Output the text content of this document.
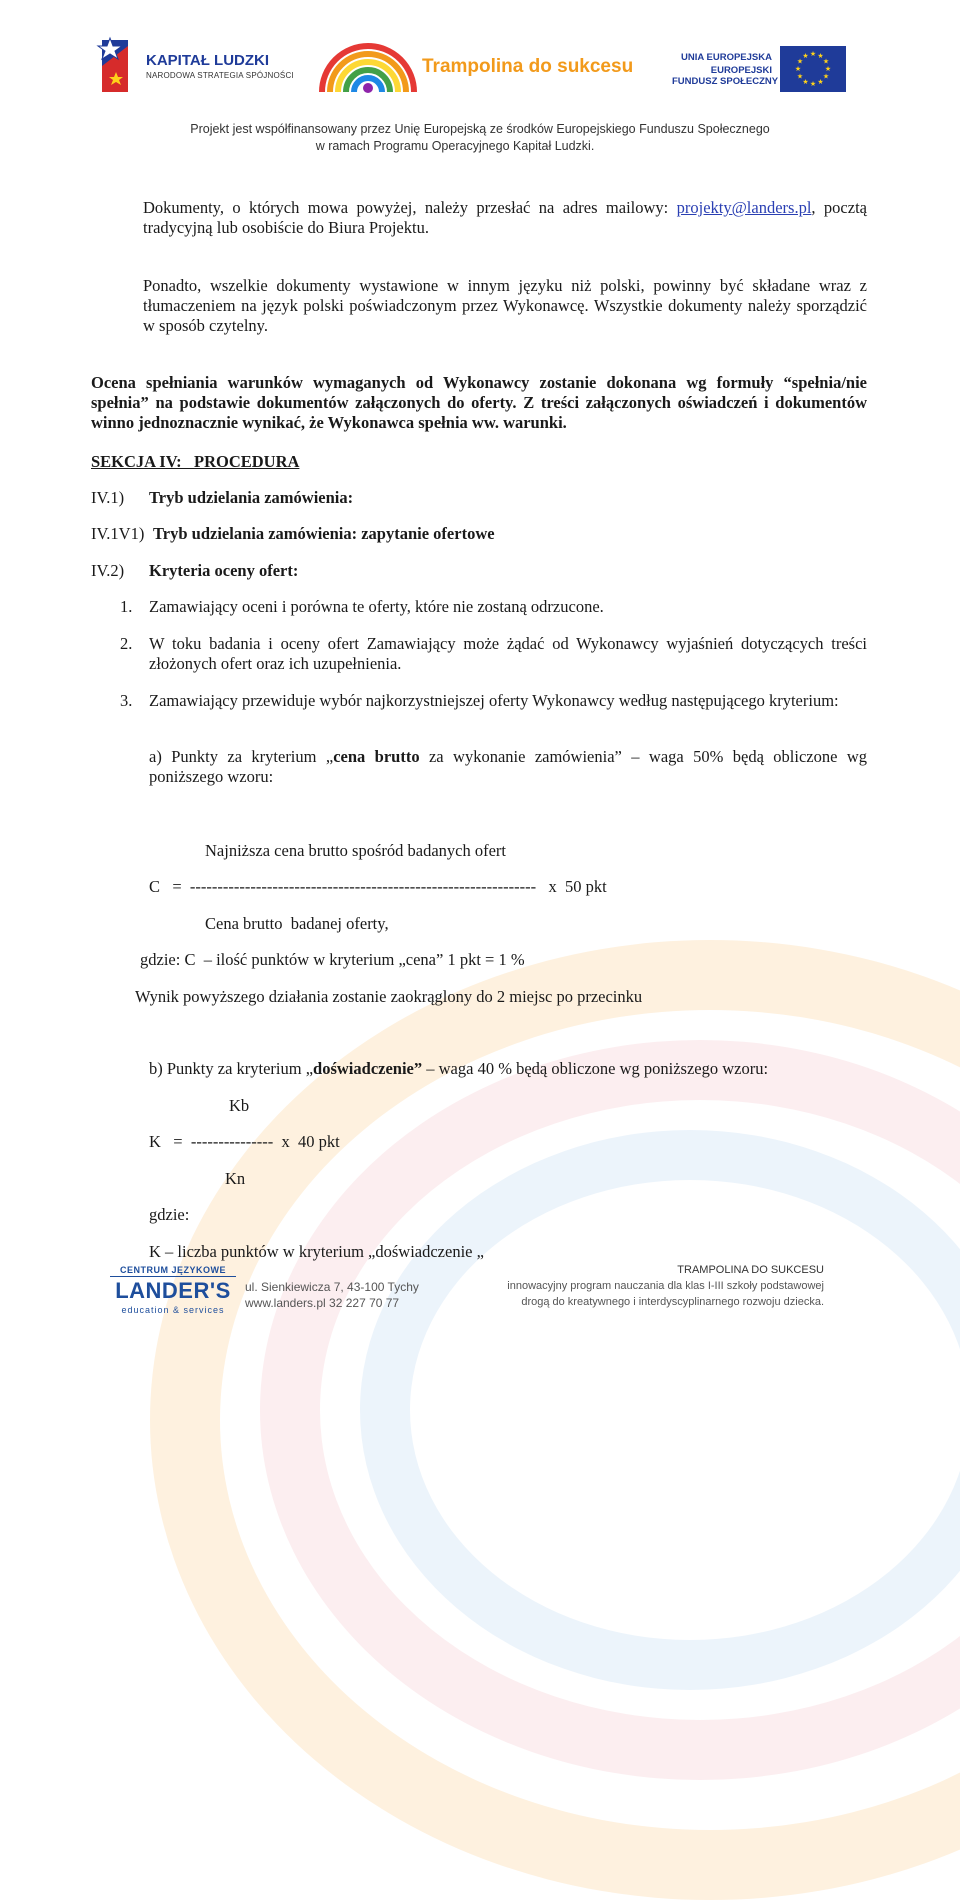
KAPITAŁ LUDZKI
NARODOWA STRATEGIA SPÓJNOŚCI	Trampolina do sukcesu	UNIA EUROPEJSKA
EUROPEJSKI
FUNDUSZ SPOŁECZNY
★ ★
★
★
★
★
★
★
★
★
★
★
Projekt jest współfinansowany przez Unię Europejską ze środków Europejskiego Funduszu Społecznego
w ramach Programu Operacyjnego Kapitał Ludzki.

Dokumenty, o których mowa powyżej, należy przesłać na adres mailowy: projekty@landers.pl, pocztą tradycyjną lub osobiście do Biura Projektu.

Ponadto, wszelkie dokumenty wystawione w innym języku niż polski, powinny być składane wraz z tłumaczeniem na język polski poświadczonym przez Wykonawcę. Wszystkie dokumenty należy sporządzić w sposób czytelny.

Ocena spełniania warunków wymaganych od Wykonawcy zostanie dokonana wg formuły “spełnia/nie spełnia” na podstawie dokumentów załączonych do oferty. Z treści załączonych oświadczeń i dokumentów winno jednoznacznie wynikać, że Wykonawca spełnia ww. warunki.

SEKCJA IV:   PROCEDURA
IV.1) Tryb udzielania zamówienia:
IV.1V1) Tryb udzielania zamówienia: zapytanie ofertowe
IV.2) Kryteria oceny ofert:
1. Zamawiający oceni i porówna te oferty, które nie zostaną odrzucone.
2. W toku badania i oceny ofert Zamawiający może żądać od Wykonawcy wyjaśnień dotyczących treści złożonych ofert oraz ich uzupełnienia.
3. Zamawiający przewiduje wybór najkorzystniejszej oferty Wykonawcy według następującego kryterium:

a) Punkty za kryterium „cena brutto za wykonanie zamówienia” – waga 50% będą obliczone wg poniższego wzoru:

Najniższa cena brutto spośród badanych ofert
C   =  ---------------------------------------------------------------   x  50 pkt
Cena brutto  badanej oferty,
gdzie: C  – ilość punktów w kryterium „cena” 1 pkt = 1 %
Wynik powyższego działania zostanie zaokrąglony do 2 miejsc po przecinku

b) Punkty za kryterium „doświadczenie” – waga 40 % będą obliczone wg poniższego wzoru:

Kb
K   =  ---------------  x  40 pkt
Kn
gdzie:
K – liczba punktów w kryterium „doświadczenie „
CENTRUM JĘZYKOWE
LANDER'S
education & services
ul. Sienkiewicza 7, 43-100 Tychy
www.landers.pl 32 227 70 77
TRAMPOLINA DO SUKCESU
innowacyjny program nauczania dla klas I-III szkoły podstawowej
drogą do kreatywnego i interdyscyplinarnego rozwoju dziecka.
